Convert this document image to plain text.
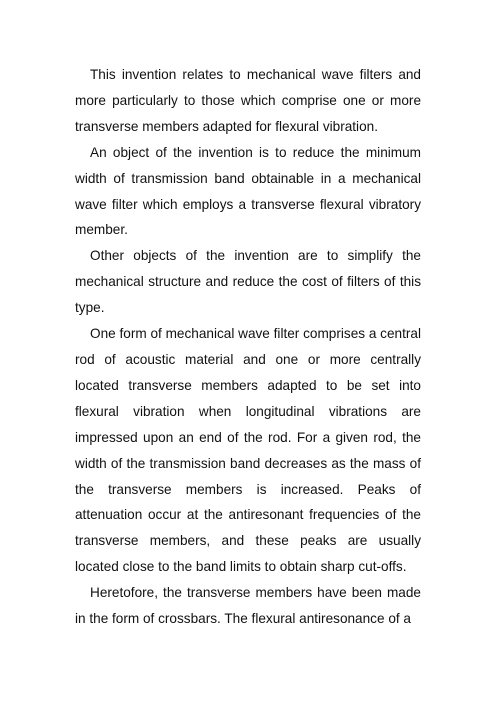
This invention relates to mechanical wave filters and more particularly to those which comprise one or more transverse members adapted for flexural vibration.

An object of the invention is to reduce the minimum width of transmission band obtainable in a mechanical wave filter which employs a transverse flexural vibratory member.

Other objects of the invention are to simplify the mechanical structure and reduce the cost of filters of this type.

One form of mechanical wave filter comprises a central rod of acoustic material and one or more centrally located transverse members adapted to be set into flexural vibration when longitudinal vibrations are impressed upon an end of the rod. For a given rod, the width of the transmission band decreases as the mass of the transverse members is increased. Peaks of attenuation occur at the antiresonant frequencies of the transverse members, and these peaks are usually located close to the band limits to obtain sharp cut-offs.

Heretofore, the transverse members have been made in the form of crossbars. The flexural antiresonance of a
